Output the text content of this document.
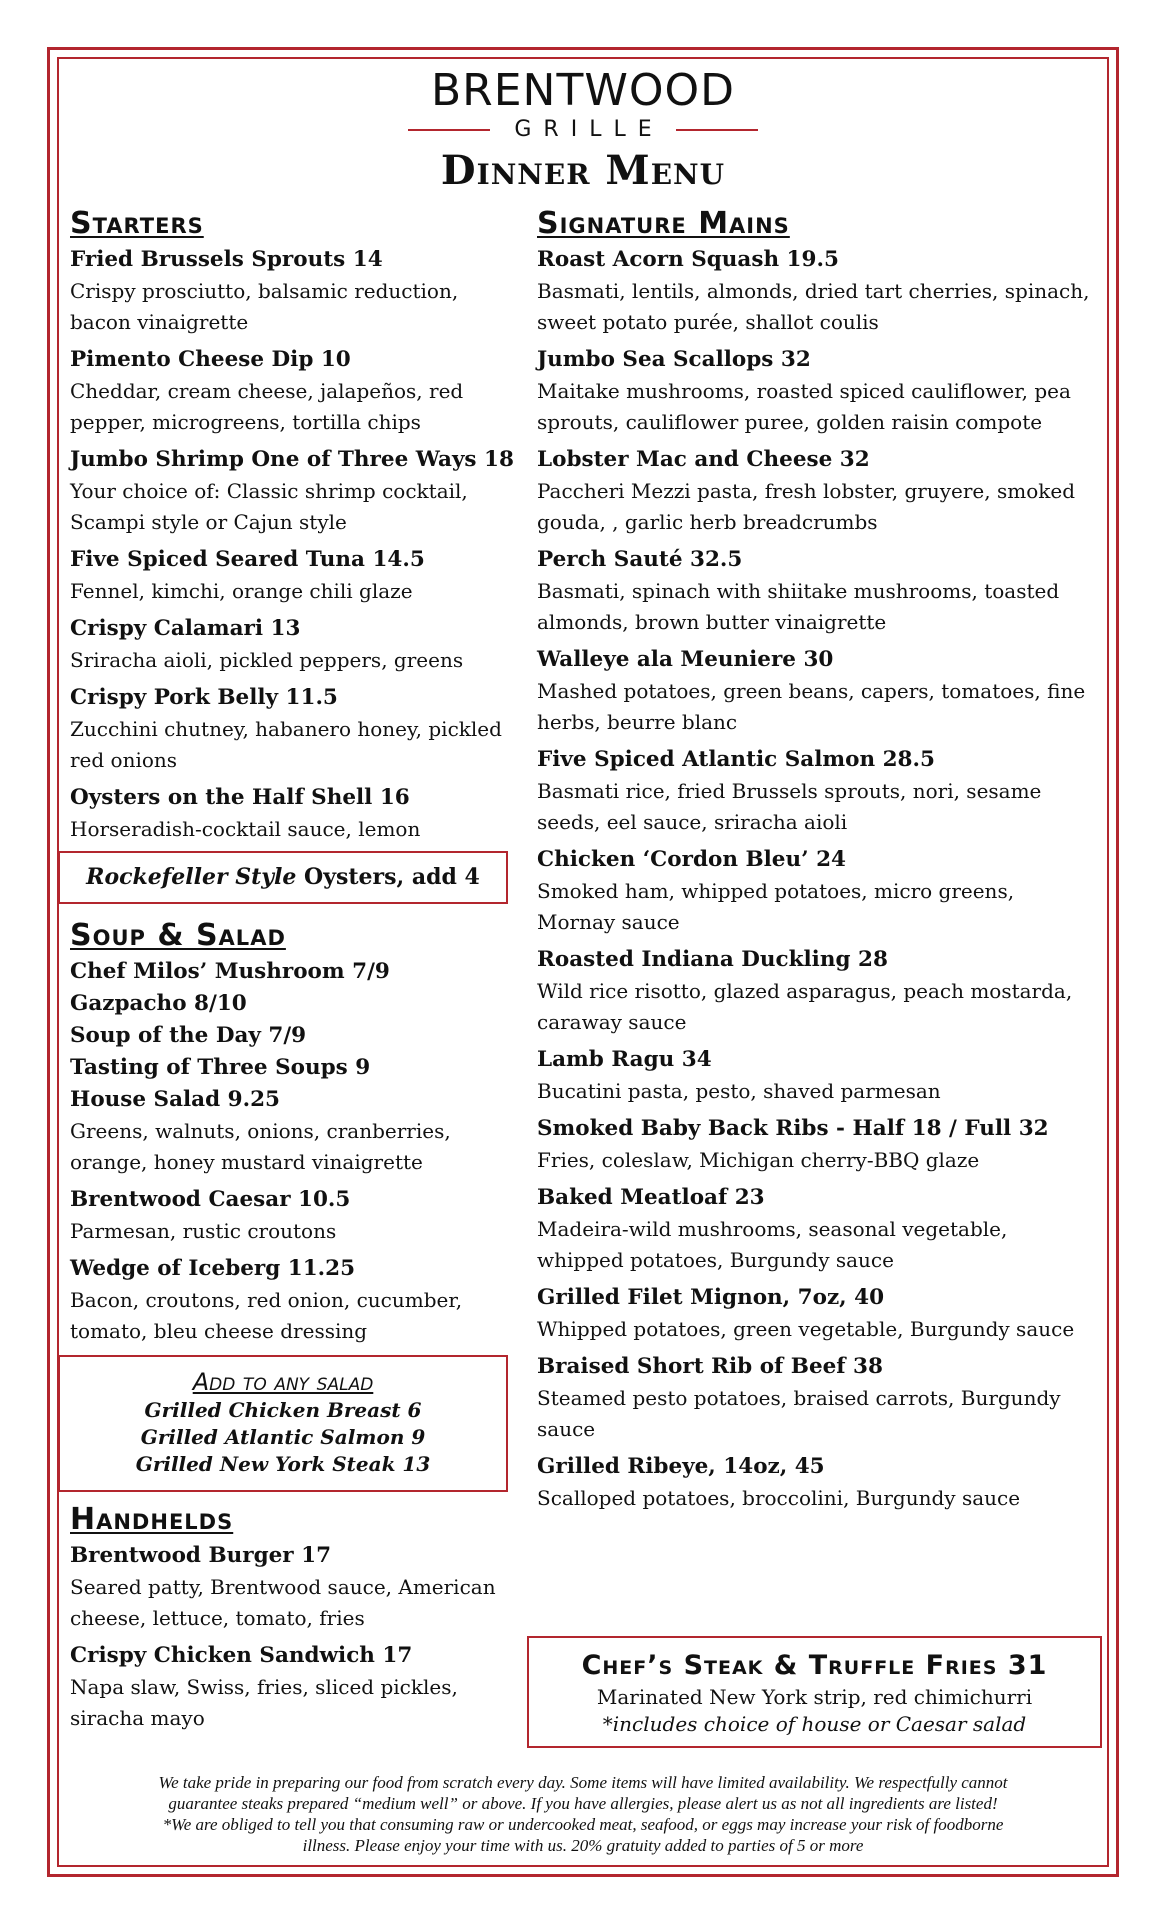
BRENTWOOD
GRILLE
Dinner Menu
Starters
Fried Brussels Sprouts 14
Crispy prosciutto, balsamic reduction, bacon vinaigrette
Pimento Cheese Dip 10
Cheddar, cream cheese, jalapeños, red pepper, microgreens, tortilla chips
Jumbo Shrimp One of Three Ways 18
Your choice of: Classic shrimp cocktail, Scampi style or Cajun style
Five Spiced Seared Tuna 14.5
Fennel, kimchi, orange chili glaze
Crispy Calamari 13
Sriracha aioli, pickled peppers, greens
Crispy Pork Belly 11.5
Zucchini chutney, habanero honey, pickled red onions
Oysters on the Half Shell 16
Horseradish-cocktail sauce, lemon
Rockefeller Style Oysters, add 4
Soup & Salad
Chef Milos’ Mushroom 7/9
Gazpacho 8/10
Soup of the Day 7/9
Tasting of Three Soups 9
House Salad 9.25
Greens, walnuts, onions, cranberries, orange, honey mustard vinaigrette
Brentwood Caesar 10.5
Parmesan, rustic croutons
Wedge of Iceberg 11.25
Bacon, croutons, red onion, cucumber, tomato, bleu cheese dressing
Add to any salad
Grilled Chicken Breast 6
Grilled Atlantic Salmon 9
Grilled New York Steak 13
Handhelds
Brentwood Burger 17
Seared patty, Brentwood sauce, American cheese, lettuce, tomato, fries
Crispy Chicken Sandwich 17
Napa slaw, Swiss, fries, sliced pickles, siracha mayo
Signature Mains
Roast Acorn Squash 19.5
Basmati, lentils, almonds, dried tart cherries, spinach, sweet potato purée, shallot coulis
Jumbo Sea Scallops 32
Maitake mushrooms, roasted spiced cauliflower, pea sprouts, cauliflower puree, golden raisin compote
Lobster Mac and Cheese 32
Paccheri Mezzi pasta, fresh lobster, gruyere, smoked gouda, , garlic herb breadcrumbs
Perch Sauté 32.5
Basmati, spinach with shiitake mushrooms, toasted almonds, brown butter vinaigrette
Walleye ala Meuniere 30
Mashed potatoes, green beans, capers, tomatoes, fine herbs, beurre blanc
Five Spiced Atlantic Salmon 28.5
Basmati rice, fried Brussels sprouts, nori, sesame seeds, eel sauce, sriracha aioli
Chicken ‘Cordon Bleu’ 24
Smoked ham, whipped potatoes, micro greens, Mornay sauce
Roasted Indiana Duckling 28
Wild rice risotto, glazed asparagus, peach mostarda, caraway sauce
Lamb Ragu 34
Bucatini pasta, pesto, shaved parmesan
Smoked Baby Back Ribs - Half 18 / Full 32
Fries, coleslaw, Michigan cherry-BBQ glaze
Baked Meatloaf 23
Madeira-wild mushrooms, seasonal vegetable, whipped potatoes, Burgundy sauce
Grilled Filet Mignon, 7oz, 40
Whipped potatoes, green vegetable, Burgundy sauce
Braised Short Rib of Beef 38
Steamed pesto potatoes, braised carrots, Burgundy sauce
Grilled Ribeye, 14oz, 45
Scalloped potatoes, broccolini, Burgundy sauce
Chef’s Steak & Truffle Fries 31
Marinated New York strip, red chimichurri
*includes choice of house or Caesar salad
We take pride in preparing our food from scratch every day. Some items will have limited availability. We respectfully cannot
guarantee steaks prepared “medium well” or above. If you have allergies, please alert us as not all ingredients are listed!
*We are obliged to tell you that consuming raw or undercooked meat, seafood, or eggs may increase your risk of foodborne
illness. Please enjoy your time with us. 20% gratuity added to parties of 5 or more
